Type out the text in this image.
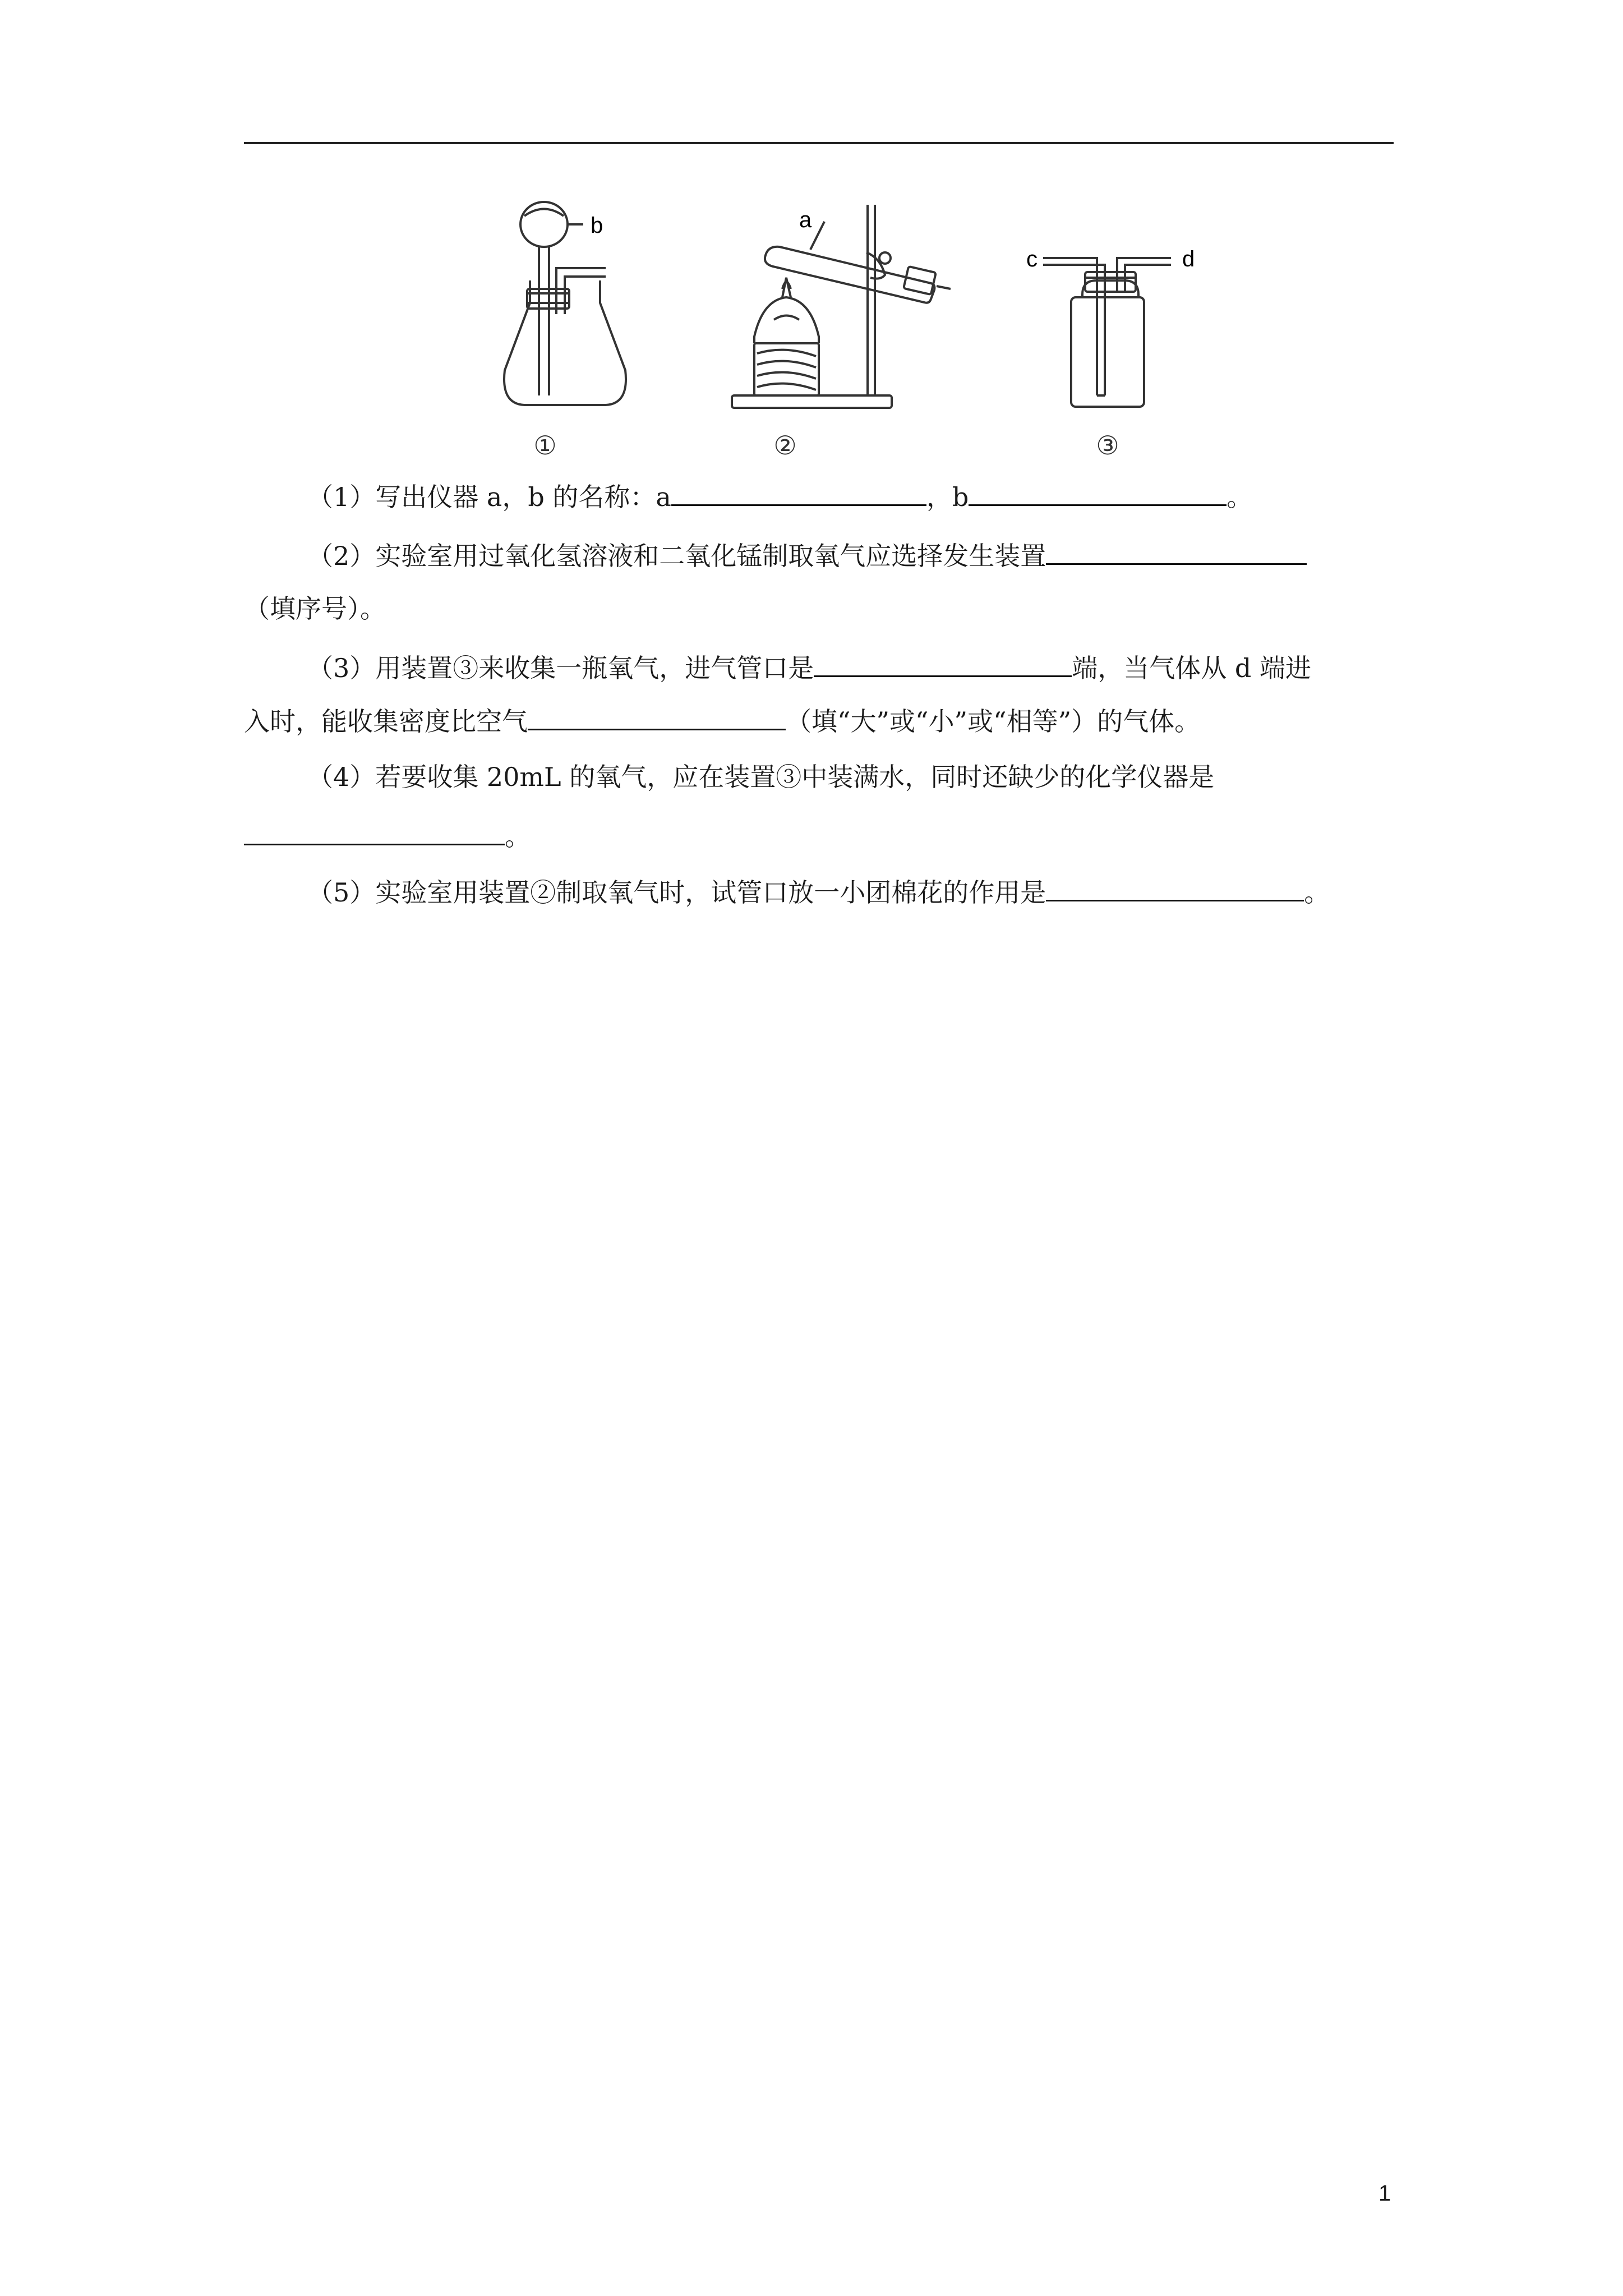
b	a
c	d
①	②	③
（1）写出仪器 a，b 的名称：a	，b	。
（2）实验室用过氧化氢溶液和二氧化锰制取氧气应选择发生装置
（填序号）。
（3）用装置③来收集一瓶氧气，进气管口是	端，当气体从 d 端进
入时，能收集密度比空气	（填“大”或“小”或“相等”）的气体。
（4）若要收集 20mL 的氧气，应在装置③中装满水，同时还缺少的化学仪器是
。
（5）实验室用装置②制取氧气时，试管口放一小团棉花的作用是	。
1
